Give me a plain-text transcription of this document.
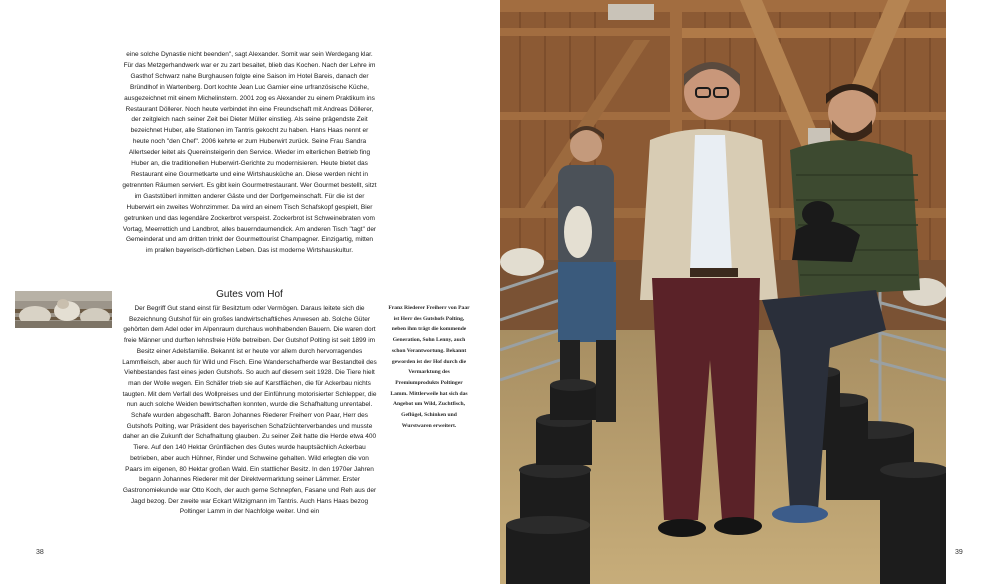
eine solche Dynastie nicht beenden", sagt Alexander. Somit war sein Werdegang klar. Für das Metzgerhandwerk war er zu zart besaitet, blieb das Kochen. Nach der Lehre im Gasthof Schwarz nahe Burghausen folgte eine Saison im Hotel Bareis, danach der Bründlhof in Wartenberg. Dort kochte Jean Luc Garnier eine urfranzösische Küche, ausgezeichnet mit einem Michelinstern. 2001 zog es Alexander zu einem Praktikum ins Restaurant Döllerer. Noch heute verbindet ihn eine Freundschaft mit Andreas Döllerer, der zeitgleich nach seiner Zeit bei Dieter Müller einstieg. Als seine prägendste Zeit bezeichnet Huber, alle Stationen im Tantris gekocht zu haben. Hans Haas nennt er heute noch "den Chef". 2006 kehrte er zum Huberwirt zurück. Seine Frau Sandra Allertseder leitet als Quereinsteigerin den Service. Wieder im elterlichen Betrieb fing Huber an, die traditionellen Huberwirt-Gerichte zu modernisieren. Heute bietet das Restaurant eine Gourmetkarte und eine Wirtshausküche an. Diese werden nicht in getrennten Räumen serviert. Es gibt kein Gourmetrestaurant. Wer Gourmet bestellt, sitzt im Gaststüberl inmitten anderer Gäste und der Dorfgemeinschaft. Für die ist der Huberwirt ein zweites Wohnzimmer. Da wird an einem Tisch Schafskopf gespielt, Bier getrunken und das legendäre Zockerbrot verspeist. Zockerbrot ist Schweinebraten vom Vortag, Meerrettich und Landbrot, alles bauerndaumendick. Am anderen Tisch "tagt" der Gemeinderat und am dritten trinkt der Gourmettourist Champagner. Einzigartig, mitten im prallen bayerisch-dörflichen Leben. Das ist moderne Wirtshauskultur.

Gutes vom Hof

Der Begriff Gut stand einst für Besitztum oder Vermögen. Daraus leitete sich die Bezeichnung Gutshof für ein großes landwirtschaftliches Anwesen ab. Solche Güter gehörten dem Adel oder im Alpenraum durchaus wohlhabenden Bauern. Die waren dort freie Männer und durften lehnsfreie Höfe betreiben. Der Gutshof Polting ist seit 1899 im Besitz einer Adelsfamilie. Bekannt ist er heute vor allem durch hervorragendes Lammfleisch, aber auch für Wild und Fisch. Eine Wanderschafherde war Bestandteil des Viehbestandes fast eines jeden Gutshofs. So auch auf diesem seit 1928. Die Tiere hielt man der Wolle wegen. Ein Schäfer trieb sie auf Karstflächen, die für Ackerbau nichts taugten. Mit dem Verfall des Wollpreises und der Einführung motorisierter Schlepper, die nun auch solche Weiden bewirtschaften konnten, wurde die Schafhaltung unrentabel. Schafe wurden abgeschafft. Baron Johannes Riederer Freiherr von Paar, Herr des Gutshofs Polting, war Präsident des bayerischen Schafzüchterverbandes und musste daher an die Zukunft der Schafhaltung glauben. Zu seiner Zeit hatte die Herde etwa 400 Tiere. Auf den 140 Hektar Grünflächen des Gutes wurde hauptsächlich Ackerbau betrieben, aber auch Hühner, Rinder und Schweine gehalten. Wild erlegten die von Paars im eigenen, 80 Hektar großen Wald. Ein stattlicher Besitz. In den 1970er Jahren begann Johannes Riederer mit der Direktvermarktung seiner Lämmer. Erster Gastronomiekunde war Otto Koch, der auch gerne Schnepfen, Fasane und Reh aus der Jagd bezog. Der zweite war Eckart Witzigmann im Tantris. Auch Hans Haas bezog Poltinger Lamm in der Nachfolge weiter. Und ein

Franz Riederer Freiherr von Paar ist Herr des Gutshofs Polting, neben ihm trägt die kommende Generation, Sohn Lenny, auch schon Verantwortung. Bekannt geworden ist der Hof durch die Vermarktung des Premiumprodukts Poltinger Lamm. Mittlerweile hat sich das Angebot um Wild, Zuchtfisch, Geflügel, Schinken und Wurstwaren erweitert.
38	39
